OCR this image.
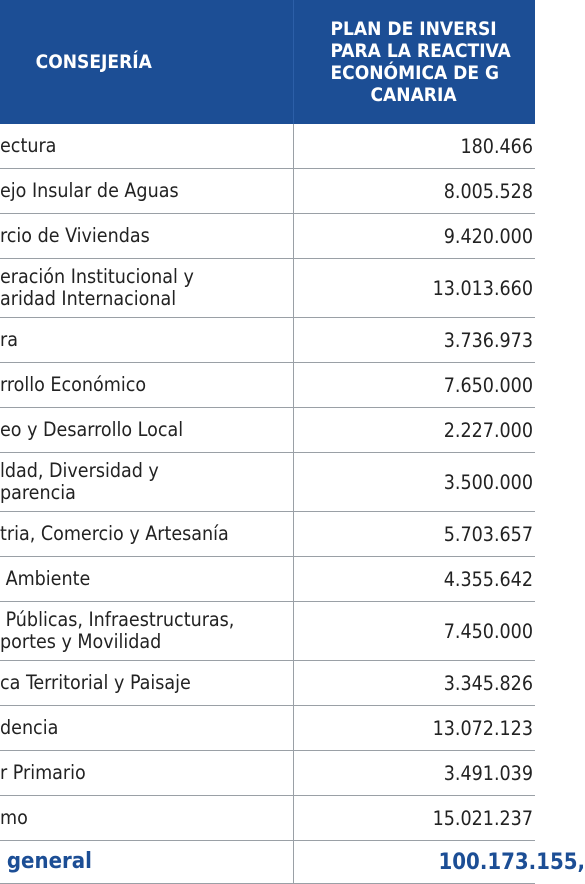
CONSEJERÍA	PLAN DE INVERSI
PARA LA REACTIVA
ECONÓMICA DE G
CANARIA

ectura	180.466
ejo Insular de Aguas	8.005.528
rcio de Viviendas	9.420.000
eración Institucional y
aridad Internacional	13.013.660
ra	3.736.973
rrollo Económico	7.650.000
eo y Desarrollo Local	2.227.000
ldad, Diversidad y
parencia	3.500.000
tria, Comercio y Artesanía	5.703.657
Ambiente	4.355.642
Públicas, Infraestructuras,
portes y Movilidad	7.450.000
ca Territorial y Paisaje	3.345.826
dencia	13.072.123
r Primario	3.491.039
mo	15.021.237
general	100.173.155,
